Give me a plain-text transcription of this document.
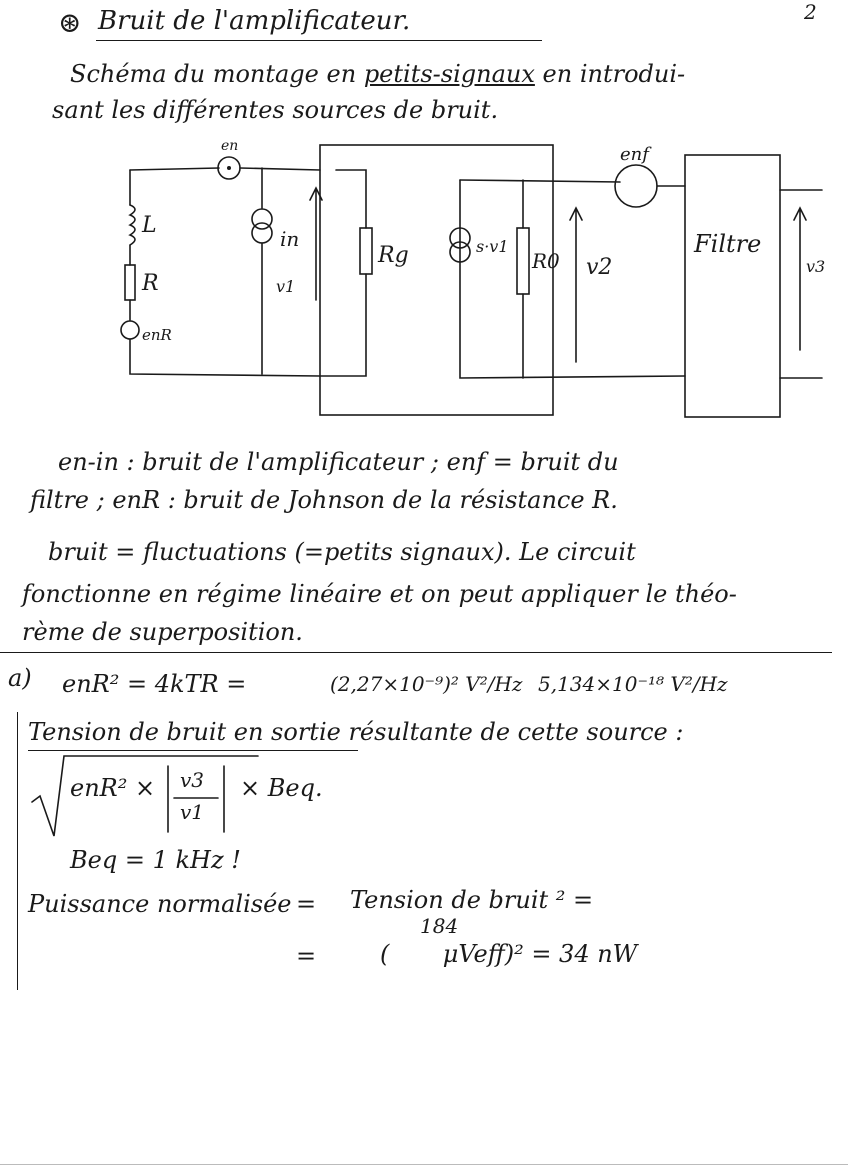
2
⊛ Bruit de l'amplificateur.
Schéma du montage en petits-signaux en introdui-
sant les différentes sources de bruit.
en
in
v1
L
R
enR
Rg	s·v1
R0 v2
enf
Filtre
v3
en-in : bruit de l'amplificateur ; enf = bruit du
filtre ; enR : bruit de Johnson de la résistance R.
bruit = fluctuations (=petits signaux). Le circuit
fonctionne en régime linéaire et on peut appliquer le théo-
rème de superposition.
a) enR² = 4kTR =	(2,27×10⁻⁹)² V²/Hz 5,134×10⁻¹⁸ V²/Hz
Tension de bruit en sortie résultante de cette source :
enR² × v3
v1
× Beq.
Beq = 1 kHz !
Puissance normalisée = Tension de bruit ² =
184
=	(       μVeff)² = 34 nW
